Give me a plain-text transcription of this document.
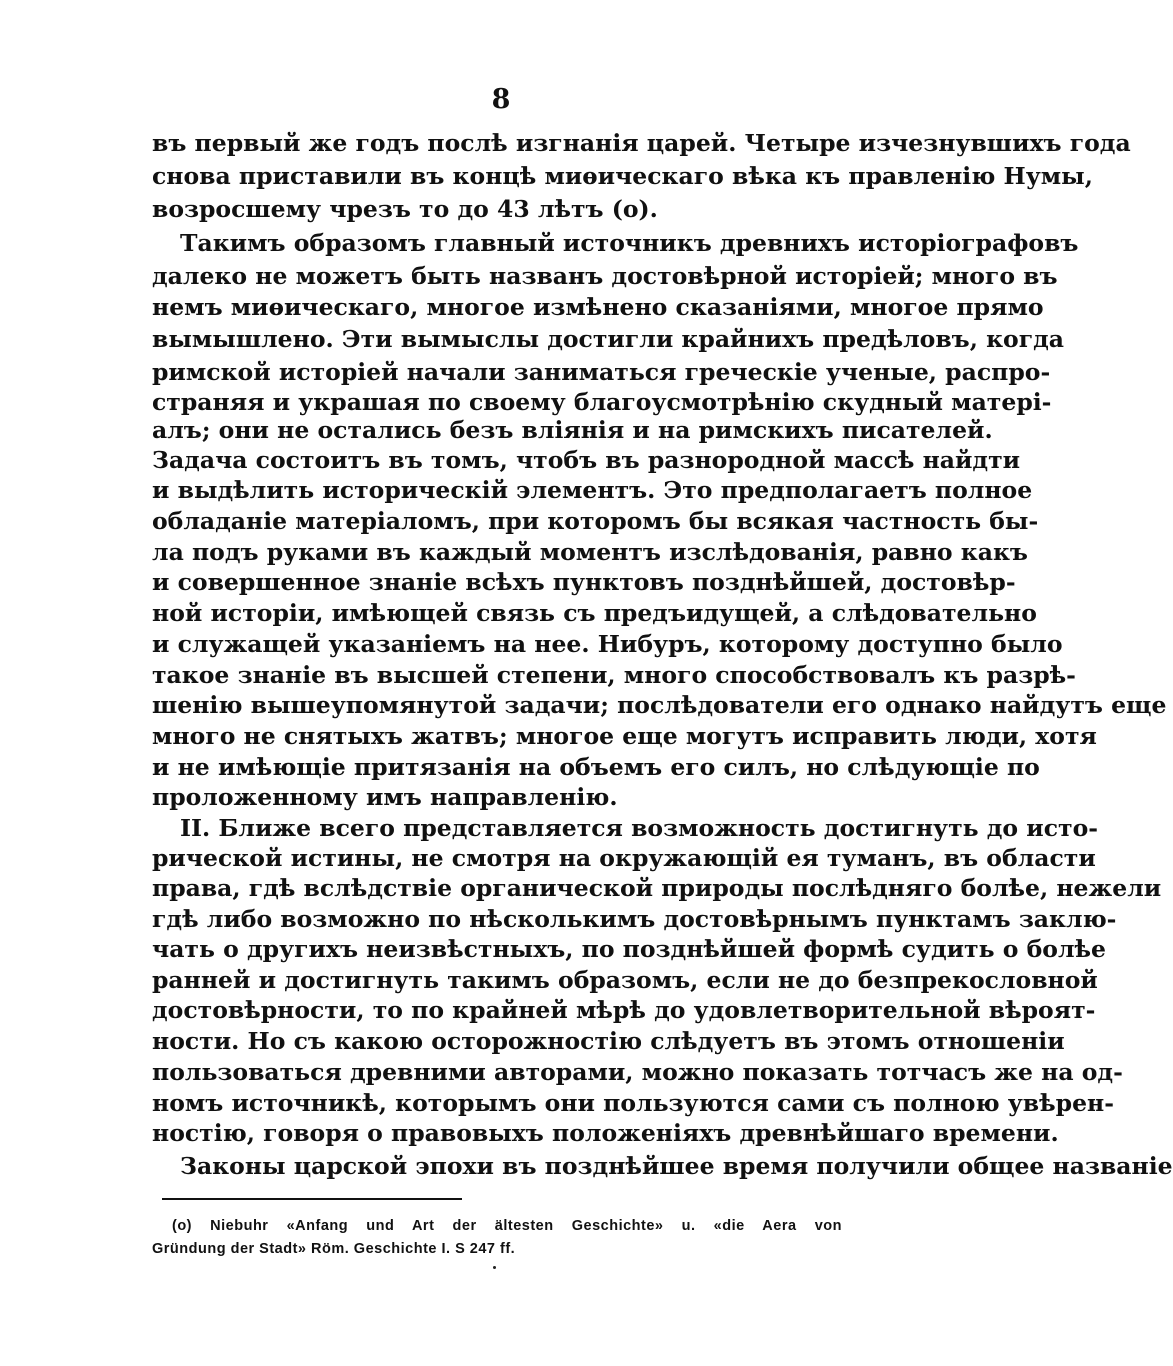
8
въ первый же годъ послѣ изгнанія царей. Четыре изчезнувшихъ года
снова приставили въ концѣ миѳическаго вѣка къ правленію Нумы,
возросшему чрезъ то до 43 лѣтъ (о).
Такимъ образомъ главный источникъ древнихъ исторіографовъ
далеко не можетъ быть названъ достовѣрной исторіей; много въ
немъ миѳическаго, многое измѣнено сказаніями, многое прямо
вымышлено. Эти вымыслы достигли крайнихъ предѣловъ, когда
римской исторіей начали заниматься греческіе ученые, распро-
страняя и украшая по своему благоусмотрѣнію скудный матері-
алъ; они не остались безъ вліянія и на римскихъ писателей.
Задача состоитъ въ томъ, чтобъ въ разнородной массѣ найдти
и выдѣлить историческій элементъ. Это предполагаетъ полное
обладаніе матеріаломъ, при которомъ бы всякая частность бы-
ла подъ руками въ каждый моментъ изслѣдованія, равно какъ
и совершенное знаніе всѣхъ пунктовъ позднѣйшей, достовѣр-
ной исторіи, имѣющей связь съ предъидущей, а слѣдовательно
и служащей указаніемъ на нее. Нибуръ, которому доступно было
такое знаніе въ высшей степени, много способствовалъ къ разрѣ-
шенію вышеупомянутой задачи; послѣдователи его однако найдутъ еще
много не снятыхъ жатвъ; многое еще могутъ исправить люди, хотя
и не имѣющіе притязанія на объемъ его силъ, но слѣдующіе по
проложенному имъ направленію.
II. Ближе всего представляется возможность достигнуть до исто-
рической истины, не смотря на окружающій ея туманъ, въ области
права, гдѣ вслѣдствіе органической природы послѣдняго болѣе, нежели
гдѣ либо возможно по нѣсколькимъ достовѣрнымъ пунктамъ заклю-
чать о другихъ неизвѣстныхъ, по позднѣйшей формѣ судить о болѣе
ранней и достигнуть такимъ образомъ, если не до безпрекословной
достовѣрности, то по крайней мѣрѣ до удовлетворительной вѣроят-
ности. Но съ какою осторожностію слѣдуетъ въ этомъ отношеніи
пользоваться древними авторами, можно показать тотчасъ же на од-
номъ источникѣ, которымъ они пользуются сами съ полною увѣрен-
ностію, говоря о правовыхъ положеніяхъ древнѣйшаго времени.
Законы царской эпохи въ позднѣйшее время получили общее названіе
(о) Niebuhr «Anfang und Art der ältesten Geschichte» u. «die Aera von
Gründung der Stadt» Röm. Geschichte I. S 247 ff.
